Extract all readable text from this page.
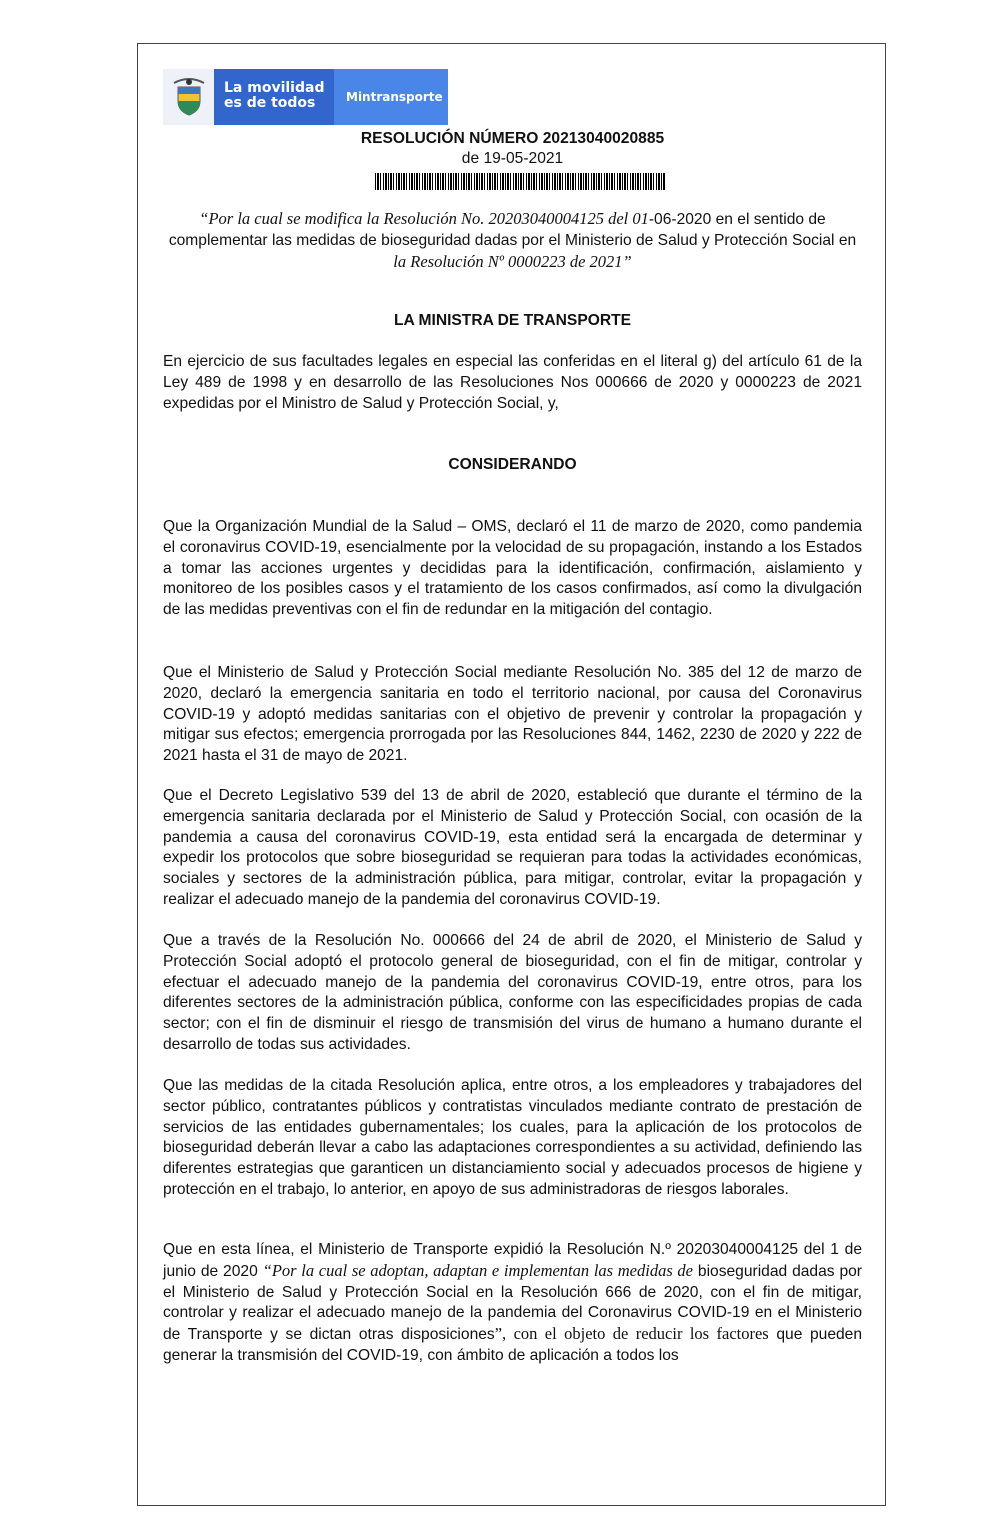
La movilidad
es de todos	Mintransporte
RESOLUCIÓN NÚMERO 20213040020885
de 19-05-2021
“Por la cual se modifica la Resolución No. 20203040004125 del 01-06-2020 en el sentido de complementar las medidas de bioseguridad dadas por el Ministerio de Salud y Protección Social en la Resolución Nº 0000223 de 2021”
LA MINISTRA DE TRANSPORTE
En ejercicio de sus facultades legales en especial las conferidas en el literal g) del artículo 61 de la Ley 489 de 1998 y en desarrollo de las Resoluciones Nos 000666 de 2020 y 0000223 de 2021 expedidas por el Ministro de Salud y Protección Social, y,
CONSIDERANDO
Que la Organización Mundial de la Salud – OMS, declaró el 11 de marzo de 2020, como pandemia el coronavirus COVID-19, esencialmente por la velocidad de su propagación, instando a los Estados a tomar las acciones urgentes y decididas para la identificación, confirmación, aislamiento y monitoreo de los posibles casos y el tratamiento de los casos confirmados, así como la divulgación de las medidas preventivas con el fin de redundar en la mitigación del contagio.
Que el Ministerio de Salud y Protección Social mediante Resolución No. 385 del 12 de marzo de 2020, declaró la emergencia sanitaria en todo el territorio nacional, por causa del Coronavirus COVID-19 y adoptó medidas sanitarias con el objetivo de prevenir y controlar la propagación y mitigar sus efectos; emergencia prorrogada por las Resoluciones 844, 1462, 2230 de 2020 y 222 de 2021 hasta el 31 de mayo de 2021.
Que el Decreto Legislativo 539 del 13 de abril de 2020, estableció que durante el término de la emergencia sanitaria declarada por el Ministerio de Salud y Protección Social, con ocasión de la pandemia a causa del coronavirus COVID-19, esta entidad será la encargada de determinar y expedir los protocolos que sobre bioseguridad se requieran para todas la actividades económicas, sociales y sectores de la administración pública, para mitigar, controlar, evitar la propagación y realizar el adecuado manejo de la pandemia del coronavirus COVID-19.
Que a través de la Resolución No. 000666 del 24 de abril de 2020, el Ministerio de Salud y Protección Social adoptó el protocolo general de bioseguridad, con el fin de mitigar, controlar y efectuar el adecuado manejo de la pandemia del coronavirus COVID-19, entre otros, para los diferentes sectores de la administración pública, conforme con las especificidades propias de cada sector; con el fin de disminuir el riesgo de transmisión del virus de humano a humano durante el desarrollo de todas sus actividades.
Que las medidas de la citada Resolución aplica, entre otros, a los empleadores y trabajadores del sector público, contratantes públicos y contratistas vinculados mediante contrato de prestación de servicios de las entidades gubernamentales; los cuales, para la aplicación de los protocolos de bioseguridad deberán llevar a cabo las adaptaciones correspondientes a su actividad, definiendo las diferentes estrategias que garanticen un distanciamiento social y adecuados procesos de higiene y protección en el trabajo, lo anterior, en apoyo de sus administradoras de riesgos laborales.
Que en esta línea, el Ministerio de Transporte expidió la Resolución N.º 20203040004125 del 1 de junio de 2020 “Por la cual se adoptan, adaptan e implementan las medidas de bioseguridad dadas por el Ministerio de Salud y Protección Social en la Resolución 666 de 2020, con el fin de mitigar, controlar y realizar el adecuado manejo de la pandemia del Coronavirus COVID-19 en el Ministerio de Transporte y se dictan otras disposiciones”, con el objeto de reducir los factores que pueden generar la transmisión del COVID-19, con ámbito de aplicación a todos los
